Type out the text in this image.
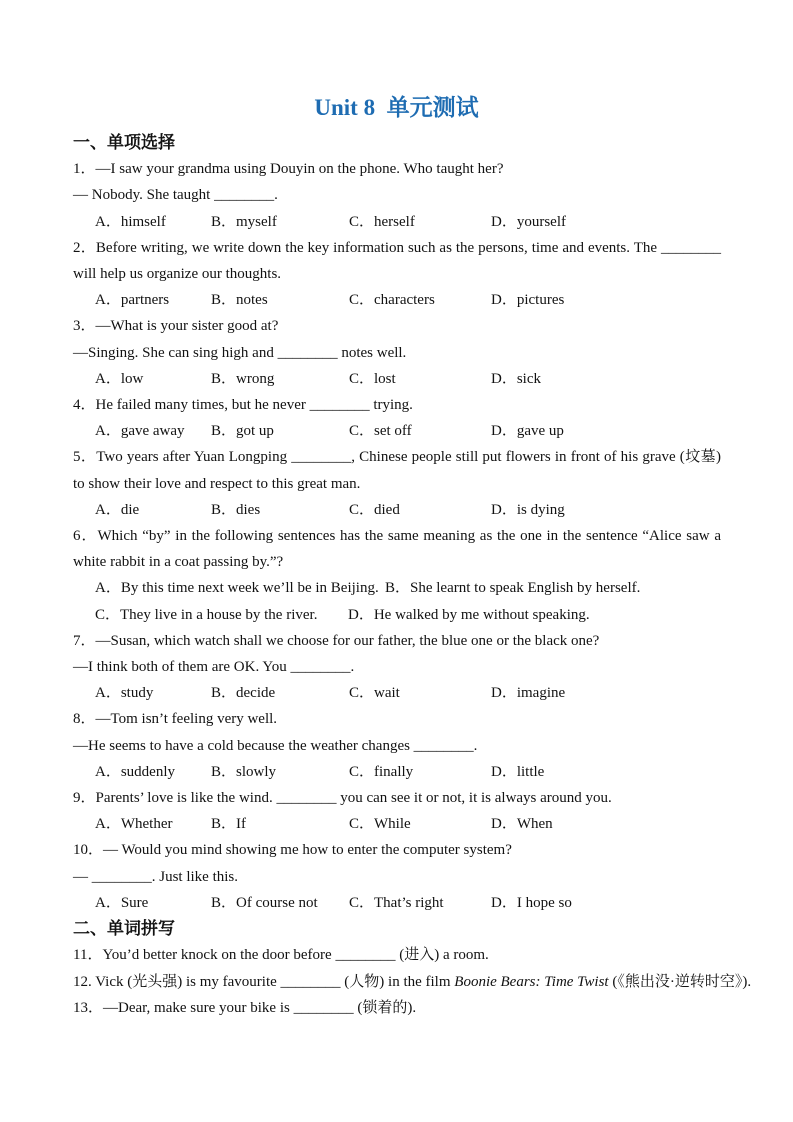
Unit 8  单元测试
一、单项选择

1．—I saw your grandma using Douyin on the phone. Who taught her?

— Nobody. She taught ________.

A．himself	B．myself	C．herself	D．yourself

2．Before writing, we write down the key information such as the persons, time and events. The ________ will help us organize our thoughts.

A．partners	B．notes	C．characters	D．pictures

3．—What is your sister good at?

—Singing. She can sing high and ________ notes well.

A．low	B．wrong	C．lost	D．sick

4．He failed many times, but he never ________ trying.

A．gave away B．got up	C．set off	D．gave up

5．Two years after Yuan Longping ________, Chinese people still put flowers in front of his grave (坟墓) to show their love and respect to this great man.

A．die	B．dies	C．died	D．is dying

6．Which “by” in the following sentences has the same meaning as the one in the sentence “Alice saw a white rabbit in a coat passing by.”?

A．By this time next week we’ll be in Beijing. B．She learnt to speak English by herself.
C．They live in a house by the river. D．He walked by me without speaking.

7．—Susan, which watch shall we choose for our father, the blue one or the black one?

—I think both of them are OK. You ________.

A．study	B．decide	C．wait	D．imagine

8．—Tom isn’t feeling very well.

—He seems to have a cold because the weather changes ________.

A．suddenly B．slowly	C．finally	D．little

9．Parents’ love is like the wind. ________ you can see it or not, it is always around you.

A．Whether	B．If	C．While	D．When

10．— Would you mind showing me how to enter the computer system?

— ________. Just like this.

A．Sure	B．Of course not C．That’s right	D．I hope so
二、单词拼写

11．You’d better knock on the door before ________ (进入) a room.

12. Vick (光头强) is my favourite ________ (人物) in the film Boonie Bears: Time Twist (《熊出没·逆转时空》).

13．—Dear, make sure your bike is ________ (锁着的).
